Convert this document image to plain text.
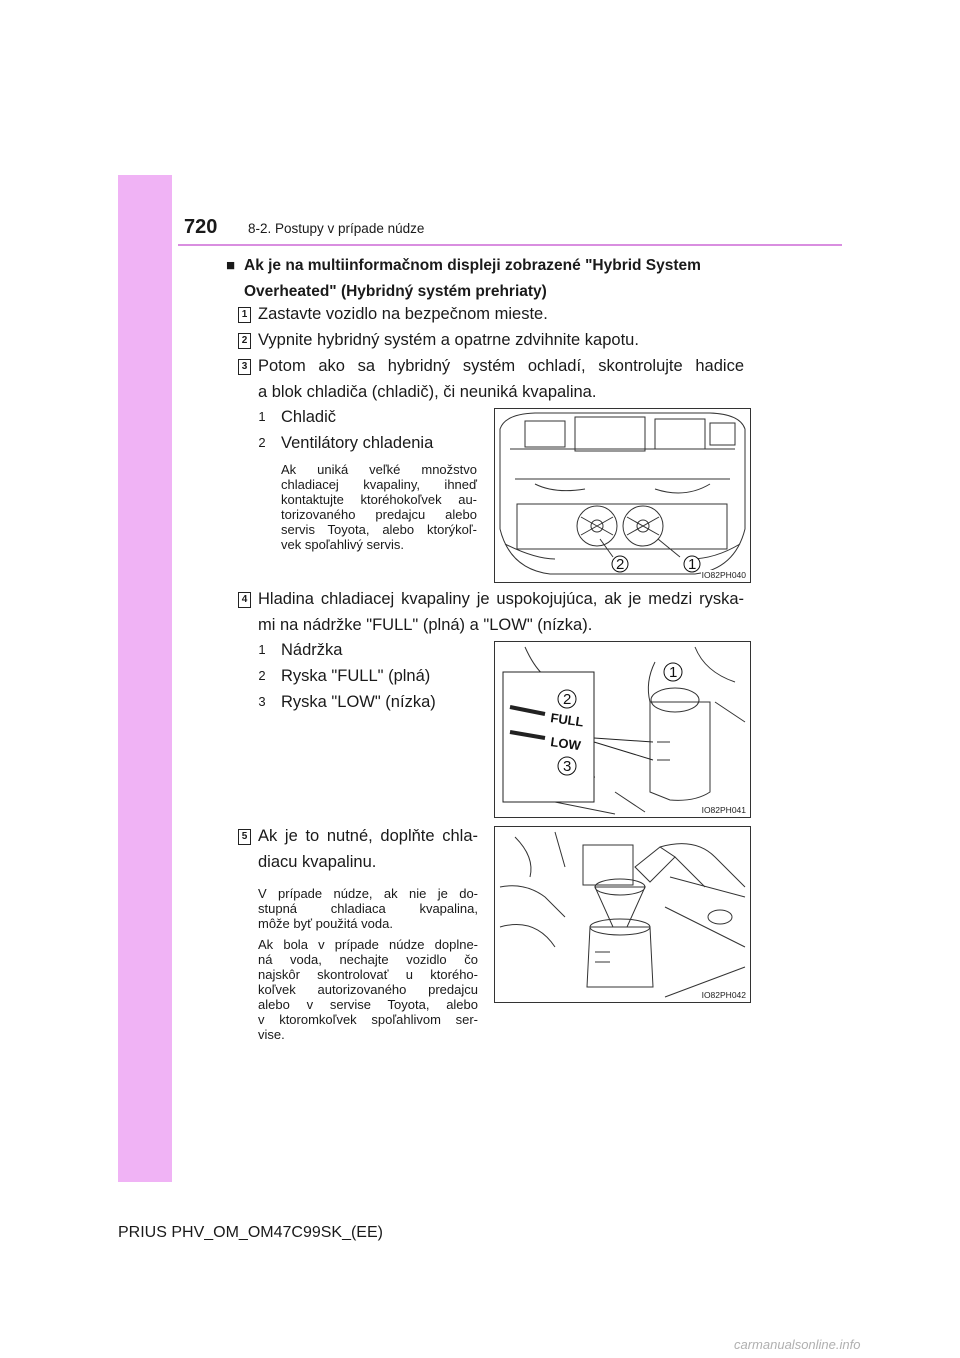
720 8-2. Postupy v prípade núdze
■ Ak je na multiinformačnom displeji zobrazené "Hybrid System Overheated" (Hybridný systém prehriaty)
1 Zastavte vozidlo na bezpečnom mieste.
2 Vypnite hybridný systém a opatrne zdvihnite kapotu.
3 Potom ako sa hybridný systém ochladí, skontrolujte hadice
a blok chladiča (chladič), či neuniká kvapalina.
1 Chladič
2 Ventilátory chladenia
Ak uniká veľké množstvo
chladiacej kvapaliny, ihneď
kontaktujte ktoréhokoľvek au-
torizovaného predajcu alebo
servis Toyota, alebo ktorýkoľ-
vek spoľahlivý servis.
2	1
IO82PH040
4 Hladina chladiacej kvapaliny je uspokojujúca, ak je medzi ryska-
mi na nádržke "FULL" (plná) a "LOW" (nízka).
1 Nádržka
2 Ryska "FULL" (plná)
3 Ryska "LOW" (nízka)
FULL
LOW
1
2
3
IO82PH041
5 Ak je to nutné, doplňte chla-
diacu kvapalinu.
V prípade núdze, ak nie je do-
stupná chladiaca kvapalina,
môže byť použitá voda.
Ak bola v prípade núdze doplne-
ná voda, nechajte vozidlo čo
najskôr skontrolovať u ktorého-
koľvek autorizovaného predajcu
alebo v servise Toyota, alebo
v ktoromkoľvek spoľahlivom ser-
vise.
IO82PH042
PRIUS PHV_OM_OM47C99SK_(EE)
carmanualsonline.info
